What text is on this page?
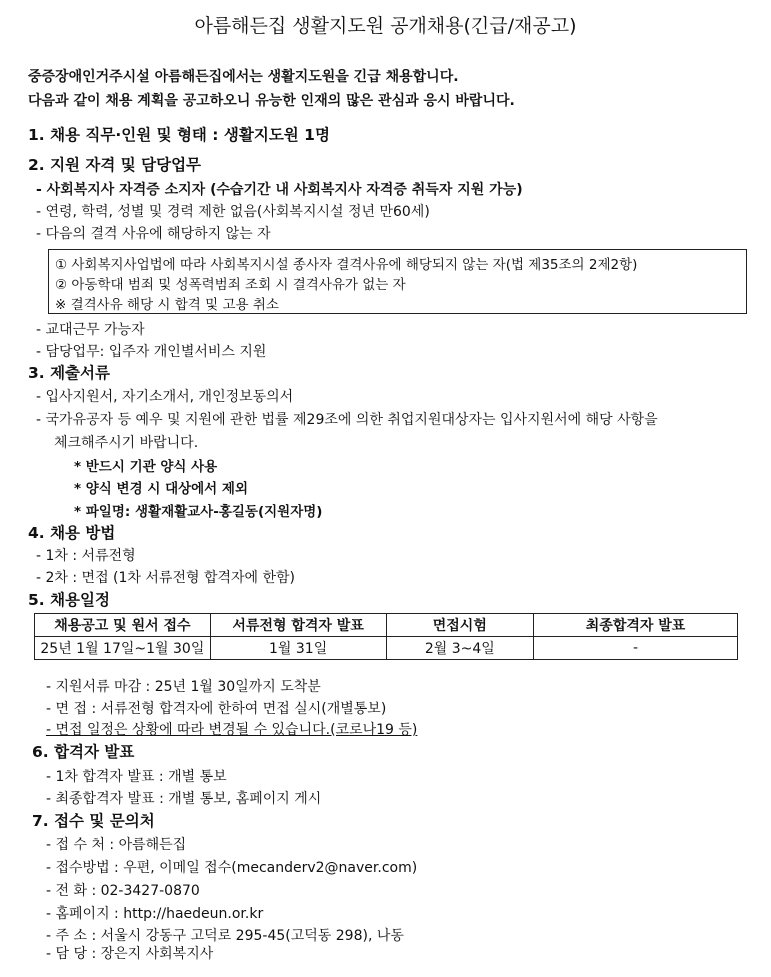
아름해든집 생활지도원 공개채용(긴급/재공고)
중증장애인거주시설 아름해든집에서는 생활지도원을 긴급 채용합니다.
다음과 같이 채용 계획을 공고하오니 유능한 인재의 많은 관심과 응시 바랍니다.
1. 채용 직무·인원 및 형태 : 생활지도원 1명
2. 지원 자격 및 담당업무
- 사회복지사 자격증 소지자 (수습기간 내 사회복지사 자격증 취득자 지원 가능)
- 연령, 학력, 성별 및 경력 제한 없음(사회복지시설 정년 만60세)
- 다음의 결격 사유에 해당하지 않는 자
① 사회복지사업법에 따라 사회복지시설 종사자 결격사유에 해당되지 않는 자(법 제35조의 2제2항)
② 아동학대 범죄 및 성폭력범죄 조회 시 결격사유가 없는 자
※ 결격사유 해당 시 합격 및 고용 취소
- 교대근무 가능자
- 담당업무: 입주자 개인별서비스 지원
3. 제출서류
- 입사지원서, 자기소개서, 개인정보동의서
- 국가유공자 등 예우 및 지원에 관한 법률 제29조에 의한 취업지원대상자는 입사지원서에 해당 사항을
체크해주시기 바랍니다.
* 반드시 기관 양식 사용
* 양식 변경 시 대상에서 제외
* 파일명: 생활재활교사-홍길동(지원자명)
4. 채용 방법
- 1차 : 서류전형
- 2차 : 면접 (1차 서류전형 합격자에 한함)
5. 채용일정
채용공고 및 원서 접수	서류전형 합격자 발표	면접시험	최종합격자 발표
25년 1월 17일~1월 30일	1월 31일	2월 3~4일	-
- 지원서류 마감 : 25년 1월 30일까지 도착분
- 면 접 : 서류전형 합격자에 한하여 면접 실시(개별통보)
- 면접 일정은 상황에 따라 변경될 수 있습니다.(코로나19 등)
6. 합격자 발표
- 1차 합격자 발표 : 개별 통보
- 최종합격자 발표 : 개별 통보, 홈페이지 게시
7. 접수 및 문의처
- 접 수 처 : 아름해든집
- 접수방법 : 우편, 이메일 접수(mecanderv2@naver.com)
- 전 화 : 02-3427-0870
- 홈페이지 : http://haedeun.or.kr
- 주 소 : 서울시 강동구 고덕로 295-45(고덕동 298), 나동
- 담 당 : 장은지 사회복지사
